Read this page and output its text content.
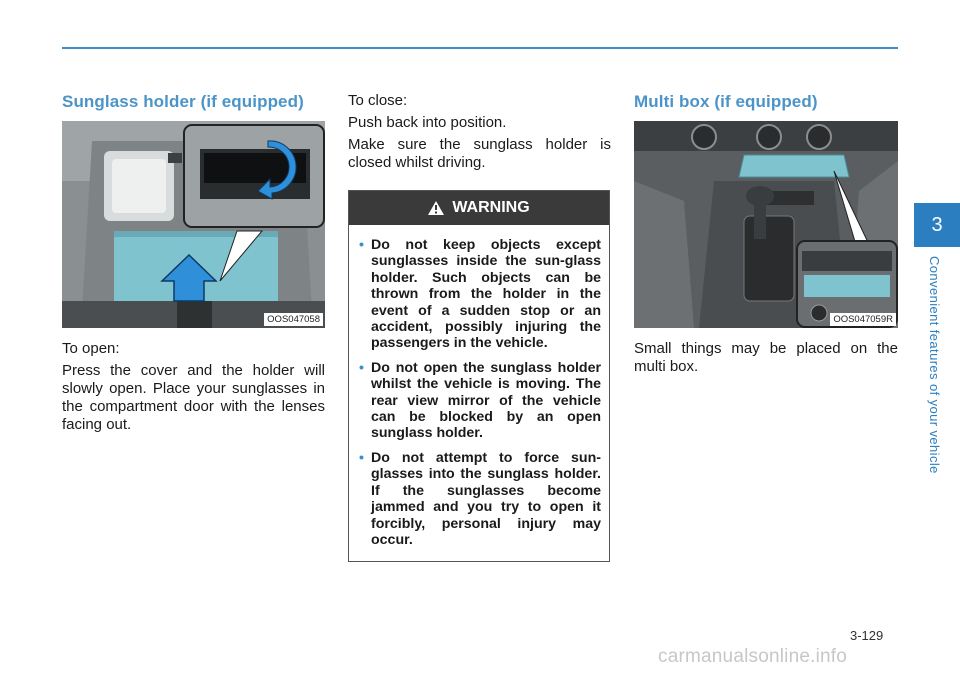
Sunglass holder (if equipped)
OOS047058

To open:

Press the cover and the holder will slowly open. Place your sunglasses in the compartment door with the lenses facing out.

To close:

Push back into position.

Make sure the sunglass holder is closed whilst driving.

WARNING
• Do not keep objects except sunglasses inside the sun-glass holder. Such objects can be thrown from the holder in the event of a sudden stop or an accident, possibly injuring the passengers in the vehicle.
• Do not open the sunglass holder whilst the vehicle is moving. The rear view mirror of the vehicle can be blocked by an open sunglass holder.
• Do not attempt to force sun-glasses into the sunglass holder. If the sunglasses become jammed and you try to open it forcibly, personal injury may occur.
Multi box (if equipped)
OOS047059R

Small things may be placed on the multi box.

3
Convenient features of your vehicle
3-129
carmanualsonline.info
